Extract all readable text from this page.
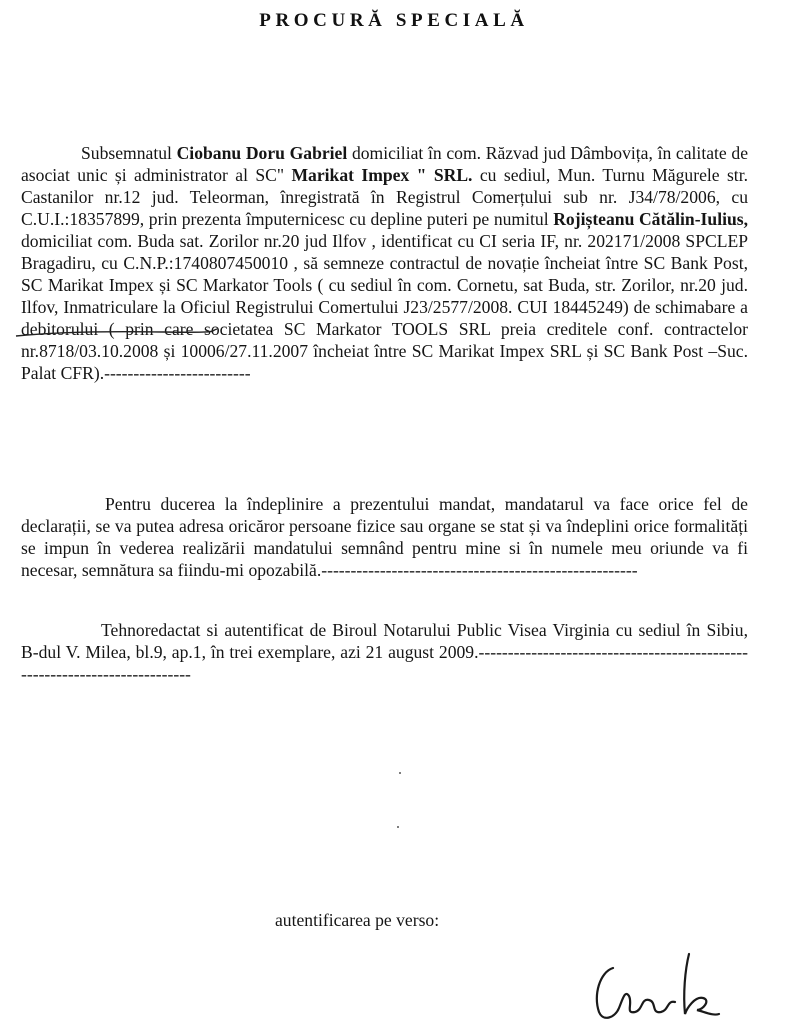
PROCURĂ SPECIALĂ

Subsemnatul Ciobanu Doru Gabriel domiciliat în com. Răzvad jud Dâmbovița, în calitate de asociat unic și administrator al SC" Marikat Impex " SRL. cu sediul, Mun. Turnu Măgurele str. Castanilor nr.12 jud. Teleorman, înregistrată în Registrul Comerțului sub nr. J34/78/2006, cu C.U.I.:18357899, prin prezenta împuternicesc cu depline puteri pe numitul Rojișteanu Cătălin-Iulius, domiciliat com. Buda sat. Zorilor nr.20 jud Ilfov , identificat cu CI seria IF, nr. 202171/2008 SPCLEP Bragadiru, cu C.N.P.:1740807450010 , să semneze contractul de novație încheiat între SC Bank Post, SC Marikat Impex și SC Markator Tools ( cu sediul în com. Cornetu, sat Buda, str. Zorilor, nr.20 jud. Ilfov, Inmatriculare la Oficiul Registrului Comertului J23/2577/2008. CUI 18445249) de schimabare a debitorului ( prin care societatea SC Markator TOOLS SRL preia creditele conf. contractelor nr.8718/03.10.2008 și 10006/27.11.2007 încheiat între SC Marikat Impex SRL și SC Bank Post –Suc. Palat CFR).-------------------------

Pentru ducerea la îndeplinire a prezentului mandat, mandatarul va face orice fel de declarații, se va putea adresa oricăror persoane fizice sau organe se stat și va îndeplini orice formalități se impun în vederea realizării mandatului semnând pentru mine si în numele meu oriunde va fi necesar, semnătura sa fiindu-mi opozabilă.------------------------------------------------------

Tehnoredactat si autentificat de Biroul Notarului Public Visea Virginia cu sediul în Sibiu, B-dul V. Milea, bl.9, ap.1, în trei exemplare, azi 21 august 2009.---------------------------------------------------------------------------

autentificarea pe verso:
